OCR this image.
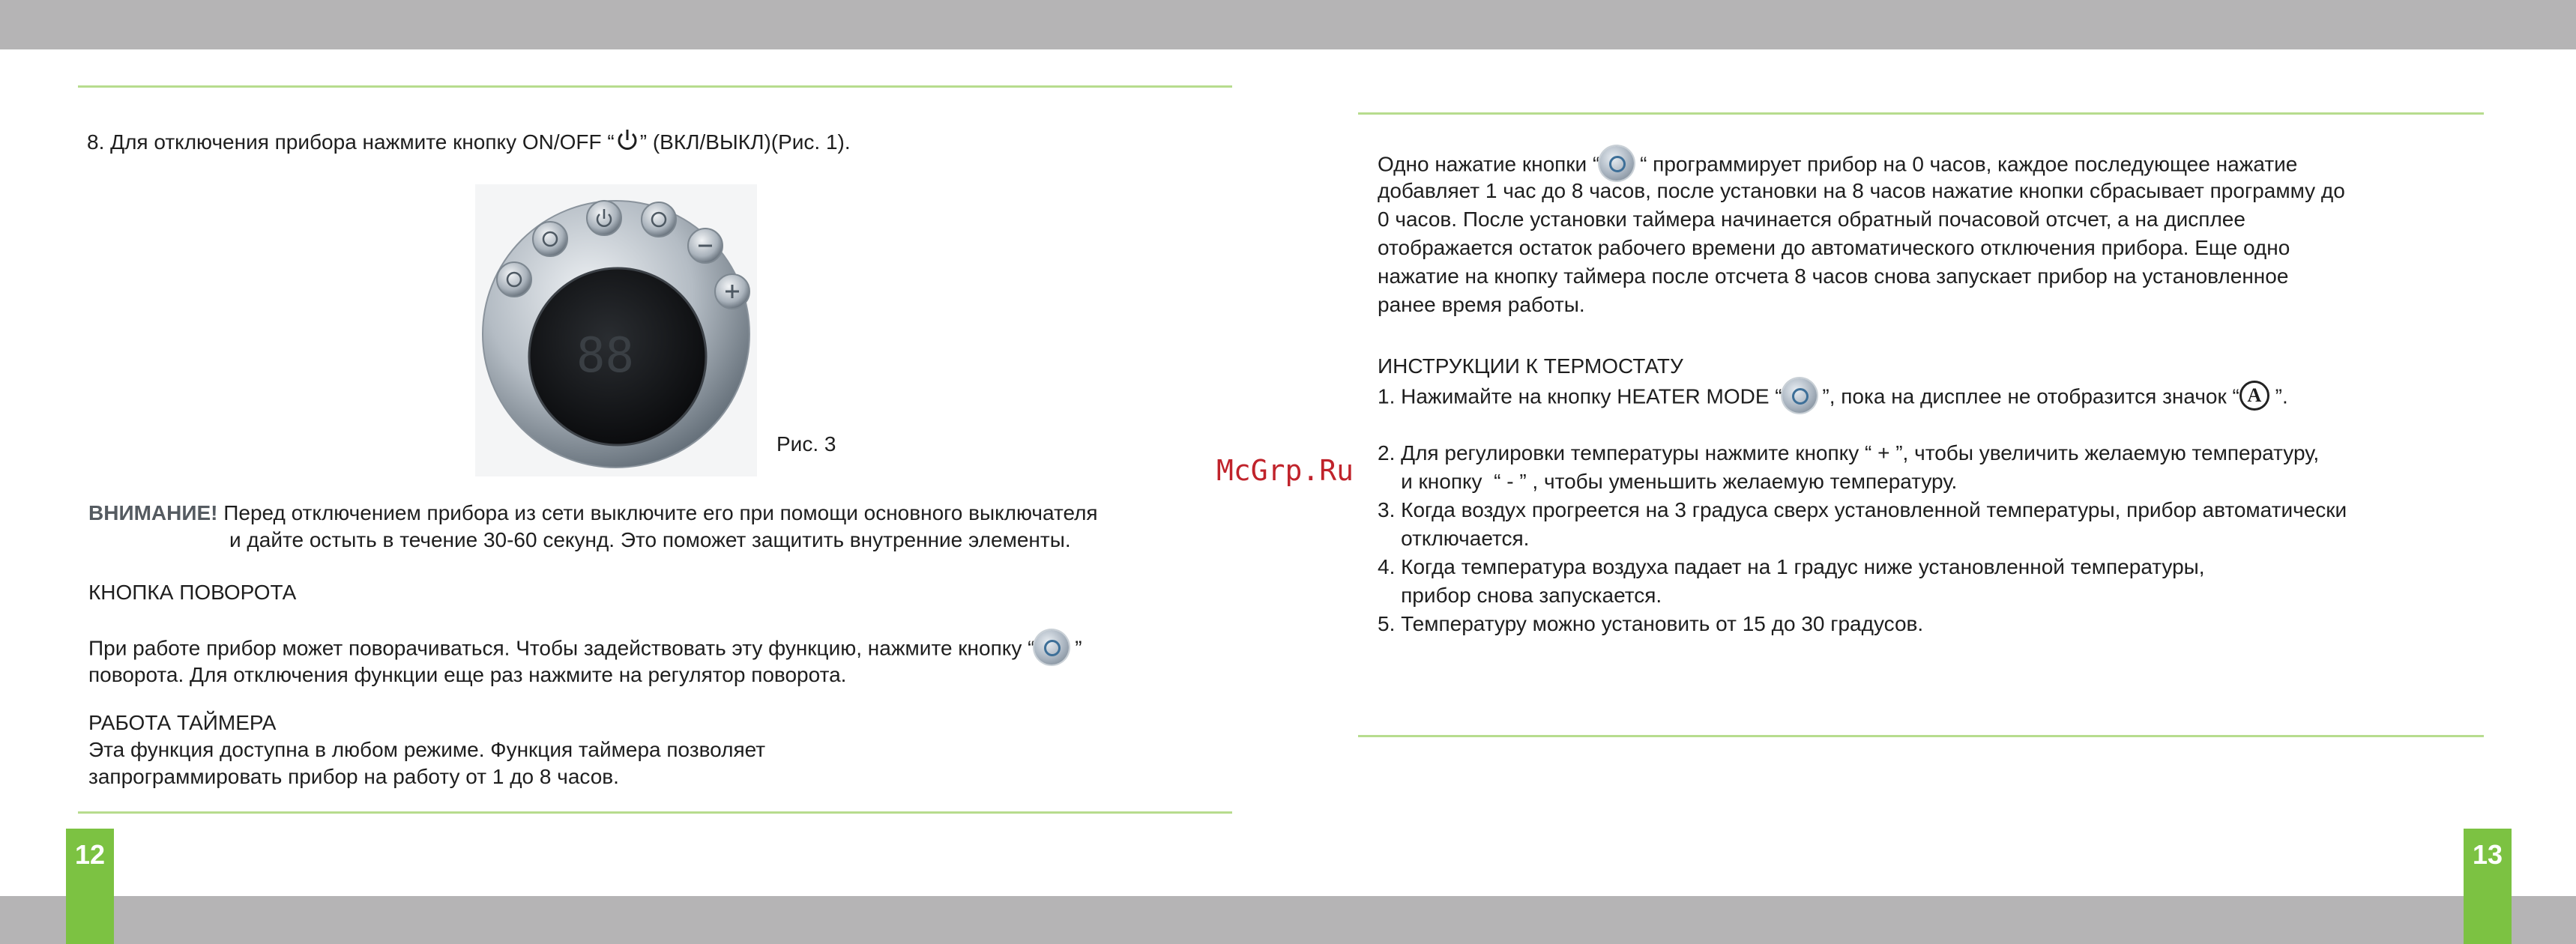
12	13
8. Для отключения прибора нажмите кнопку ON/OFF “ ” (ВКЛ/ВЫКЛ)(Рис. 1).
88
Рис. 3
ВНИМАНИЕ! Перед отключением прибора из сети выключите его при помощи основного выключателя
и дайте остыть в течение 30-60 секунд. Это поможет защитить внутренние элементы.
КНОПКА ПОВОРОТА
При работе прибор может поворачиваться. Чтобы задействовать эту функцию, нажмите кнопку “ ”
поворота. Для отключения функции еще раз нажмите на регулятор поворота.
РАБОТА ТАЙМЕРА
Эта функция доступна в любом режиме. Функция таймера позволяет
запрограммировать прибор на работу от 1 до 8 часов.
McGrp.Ru
Одно нажатие кнопки “ “ программирует прибор на 0 часов, каждое последующее нажатие
добавляет 1 час до 8 часов, после установки на 8 часов нажатие кнопки сбрасывает программу до
0 часов. После установки таймера начинается обратный почасовой отсчет, а на дисплее
отображается остаток рабочего времени до автоматического отключения прибора. Еще одно
нажатие на кнопку таймера после отсчета 8 часов снова запускает прибор на установленное
ранее время работы.
ИНСТРУКЦИИ К ТЕРМОСТАТУ
1. Нажимайте на кнопку HEATER MODE “ ”, пока на дисплее не отобразится значок “ A ”.
2. Для регулировки температуры нажмите кнопку “ + ”, чтобы увеличить желаемую температуру,
и кнопку  “ - ” , чтобы уменьшить желаемую температуру.
3. Когда воздух прогреется на 3 градуса сверх установленной температуры, прибор автоматически
отключается.
4. Когда температура воздуха падает на 1 градус ниже установленной температуры,
прибор снова запускается.
5. Температуру можно установить от 15 до 30 градусов.
